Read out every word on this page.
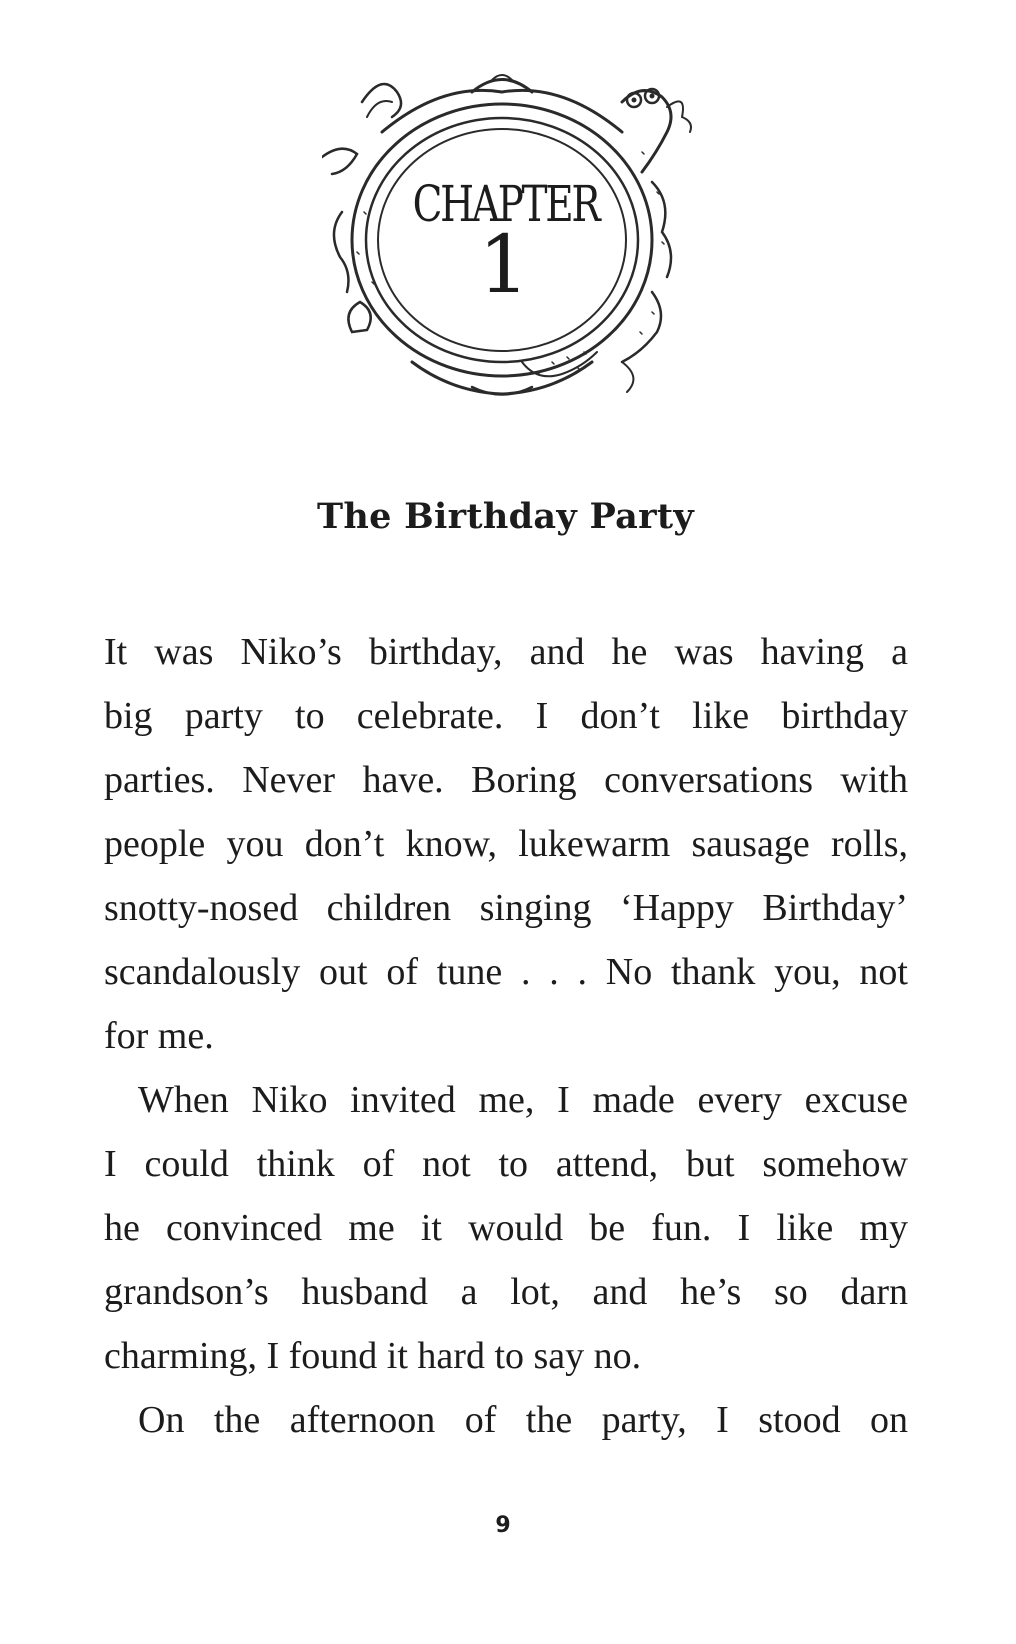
CHAPTER
1
The Birthday Party
It was Niko’s birthday, and he was having a
big party to celebrate. I don’t like birthday
parties. Never have. Boring conversations with
people you don’t know, lukewarm sausage rolls,
snotty-nosed children singing ‘Happy Birthday’
scandalously out of tune . . . No thank you, not
for me.
When Niko invited me, I made every excuse
I could think of not to attend, but somehow
he convinced me it would be fun. I like my
grandson’s husband a lot, and he’s so darn
charming, I found it hard to say no.
On the afternoon of the party, I stood on
9
